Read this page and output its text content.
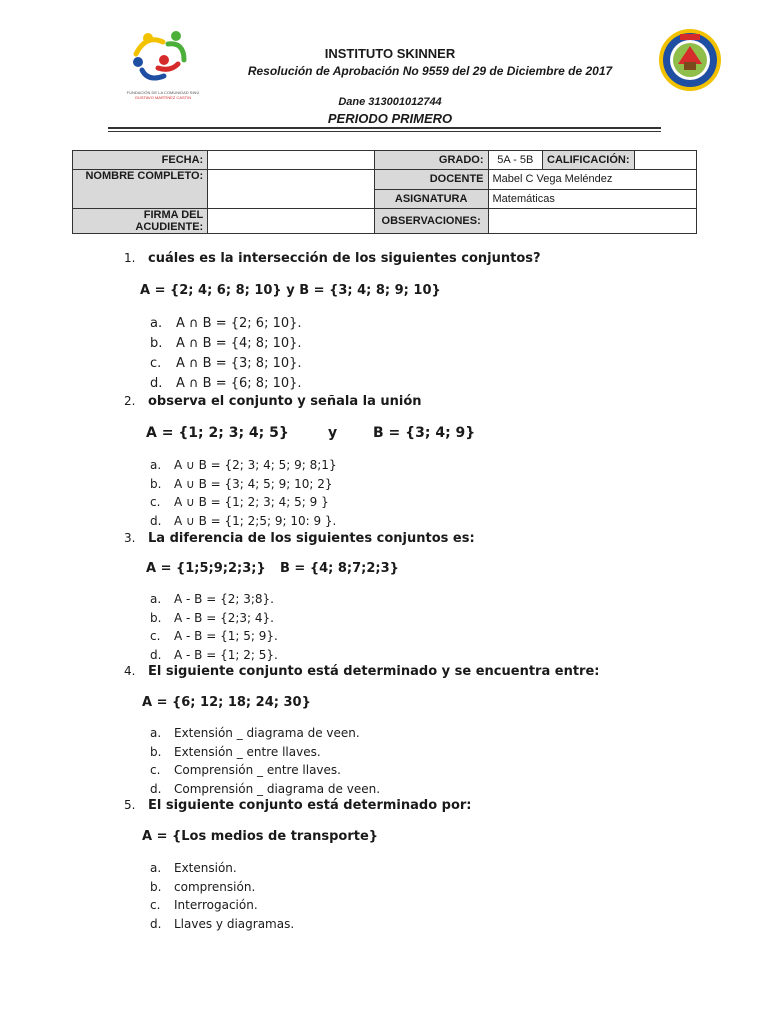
FUNDACIÓN DE LA COMUNIDAD SINÚ
GUSTAVO MARTÍNEZ CASTIN
INSTITUTO SKINNER
Resolución de Aprobación No 9559 del 29 de Diciembre de 2017
Dane 313001012744
PERIODO PRIMERO
FECHA:		GRADO:	5A - 5B	CALIFICACIÓN:	
NOMBRE COMPLETO:		DOCENTE	Mabel C Vega Meléndez		
		ASIGNATURA	Matemáticas		
FIRMA DEL ACUDIENTE:		OBSERVACIONES:			
1. cuáles es la intersección de los siguientes conjuntos?
A = {2; 4; 6; 8; 10} y B = {3; 4; 8; 9; 10}
a. A ∩ B = {2; 6; 10}.
b. A ∩ B = {4; 8; 10}.
c. A ∩ B = {3; 8; 10}.
d. A ∩ B = {6; 8; 10}.
2. observa el conjunto y señala la unión
A = {1; 2; 3; 4; 5}	y	B = {3; 4; 9}
a. A ∪ B = {2; 3; 4; 5; 9; 8;1}
b. A ∪ B = {3; 4; 5; 9; 10; 2}
c. A ∪ B = {1; 2; 3; 4; 5; 9 }
d. A ∪ B = {1; 2;5; 9; 10: 9 }.
3. La diferencia de los siguientes conjuntos es:
A = {1;5;9;2;3;} B = {4; 8;7;2;3}
a. A - B = {2; 3;8}.
b. A - B = {2;3; 4}.
c. A - B = {1; 5; 9}.
d. A - B = {1; 2; 5}.
4. El siguiente conjunto está determinado y se encuentra entre:
A = {6; 12; 18; 24; 30}
a. Extensión _ diagrama de veen.
b. Extensión _ entre llaves.
c. Comprensión _ entre llaves.
d. Comprensión _ diagrama de veen.
5. El siguiente conjunto está determinado por:
A = {Los medios de transporte}
a. Extensión.
b. comprensión.
c. Interrogación.
d. Llaves y diagramas.
